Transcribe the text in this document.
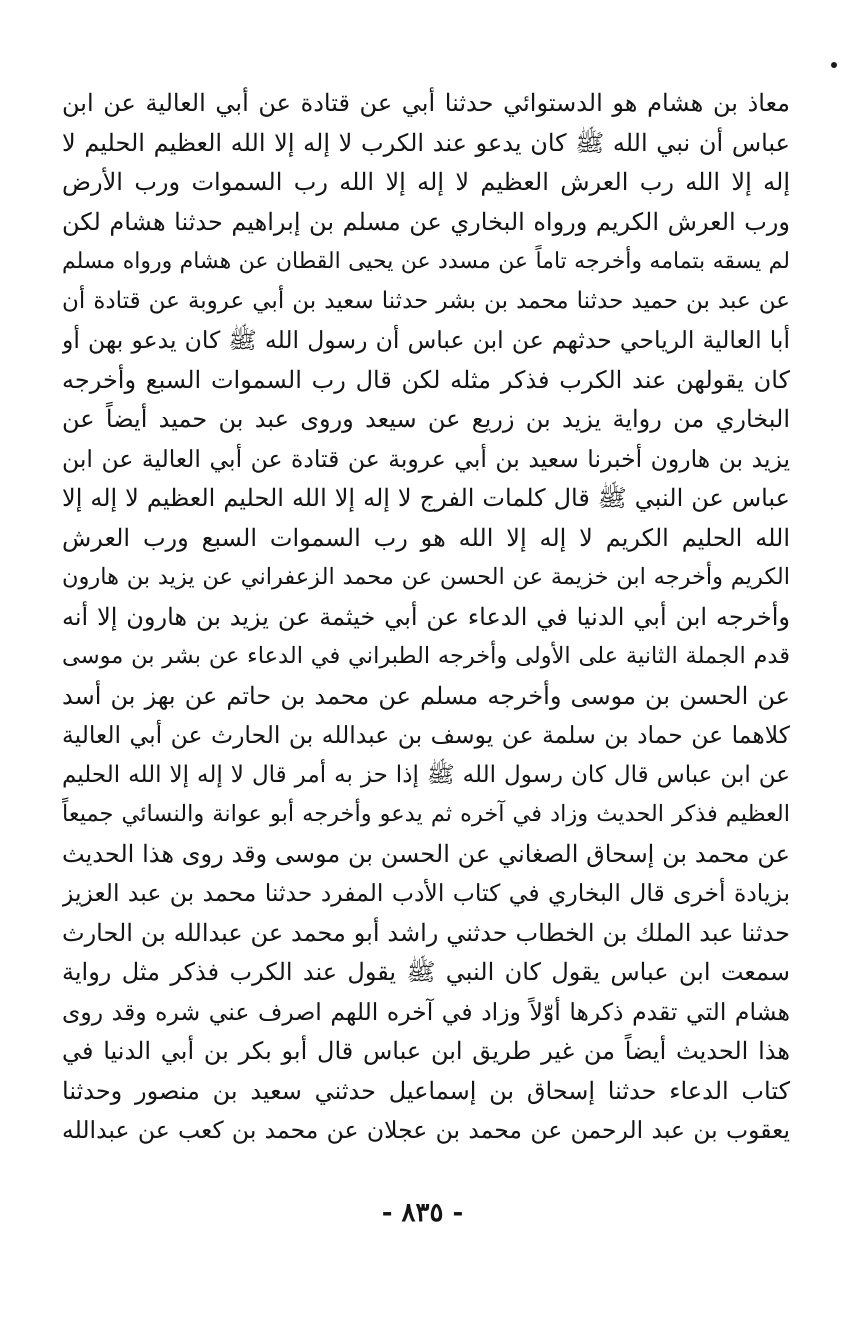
معاذ بن هشام هو الدستوائي حدثنا أبي عن قتادة عن أبي العالية عن ابن
عباس أن نبي الله ﷺ كان يدعو عند الكرب لا إله إلا الله العظيم الحليم لا
إله إلا الله رب العرش العظيم لا إله إلا الله رب السموات ورب الأرض
ورب العرش الكريم ورواه البخاري عن مسلم بن إبراهيم حدثنا هشام لكن
لم يسقه بتمامه وأخرجه تاماً عن مسدد عن يحيى القطان عن هشام ورواه مسلم
عن عبد بن حميد حدثنا محمد بن بشر حدثنا سعيد بن أبي عروبة عن قتادة أن
أبا العالية الرياحي حدثهم عن ابن عباس أن رسول الله ﷺ كان يدعو بهن أو
كان يقولهن عند الكرب فذكر مثله لكن قال رب السموات السبع وأخرجه
البخاري من رواية يزيد بن زريع عن سيعد وروى عبد بن حميد أيضاً عن
يزيد بن هارون أخبرنا سعيد بن أبي عروبة عن قتادة عن أبي العالية عن ابن
عباس عن النبي ﷺ قال كلمات الفرج لا إله إلا الله الحليم العظيم لا إله إلا
الله الحليم الكريم لا إله إلا الله هو رب السموات السبع ورب العرش
الكريم وأخرجه ابن خزيمة عن الحسن عن محمد الزعفراني عن يزيد بن هارون
وأخرجه ابن أبي الدنيا في الدعاء عن أبي خيثمة عن يزيد بن هارون إلا أنه
قدم الجملة الثانية على الأولى وأخرجه الطبراني في الدعاء عن بشر بن موسى
عن الحسن بن موسى وأخرجه مسلم عن محمد بن حاتم عن بهز بن أسد
كلاهما عن حماد بن سلمة عن يوسف بن عبدالله بن الحارث عن أبي العالية
عن ابن عباس قال كان رسول الله ﷺ إذا حز به أمر قال لا إله إلا الله الحليم
العظيم فذكر الحديث وزاد في آخره ثم يدعو وأخرجه أبو عوانة والنسائي جميعاً
عن محمد بن إسحاق الصغاني عن الحسن بن موسى وقد روى هذا الحديث
بزيادة أخرى قال البخاري في كتاب الأدب المفرد حدثنا محمد بن عبد العزيز
حدثنا عبد الملك بن الخطاب حدثني راشد أبو محمد عن عبدالله بن الحارث
سمعت ابن عباس يقول كان النبي ﷺ يقول عند الكرب فذكر مثل رواية
هشام التي تقدم ذكرها أوّلاً وزاد في آخره اللهم اصرف عني شره وقد روى
هذا الحديث أيضاً من غير طريق ابن عباس قال أبو بكر بن أبي الدنيا في
كتاب الدعاء حدثنا إسحاق بن إسماعيل حدثني سعيد بن منصور وحدثنا
يعقوب بن عبد الرحمن عن محمد بن عجلان عن محمد بن كعب عن عبدالله
- ٨٣٥ -
